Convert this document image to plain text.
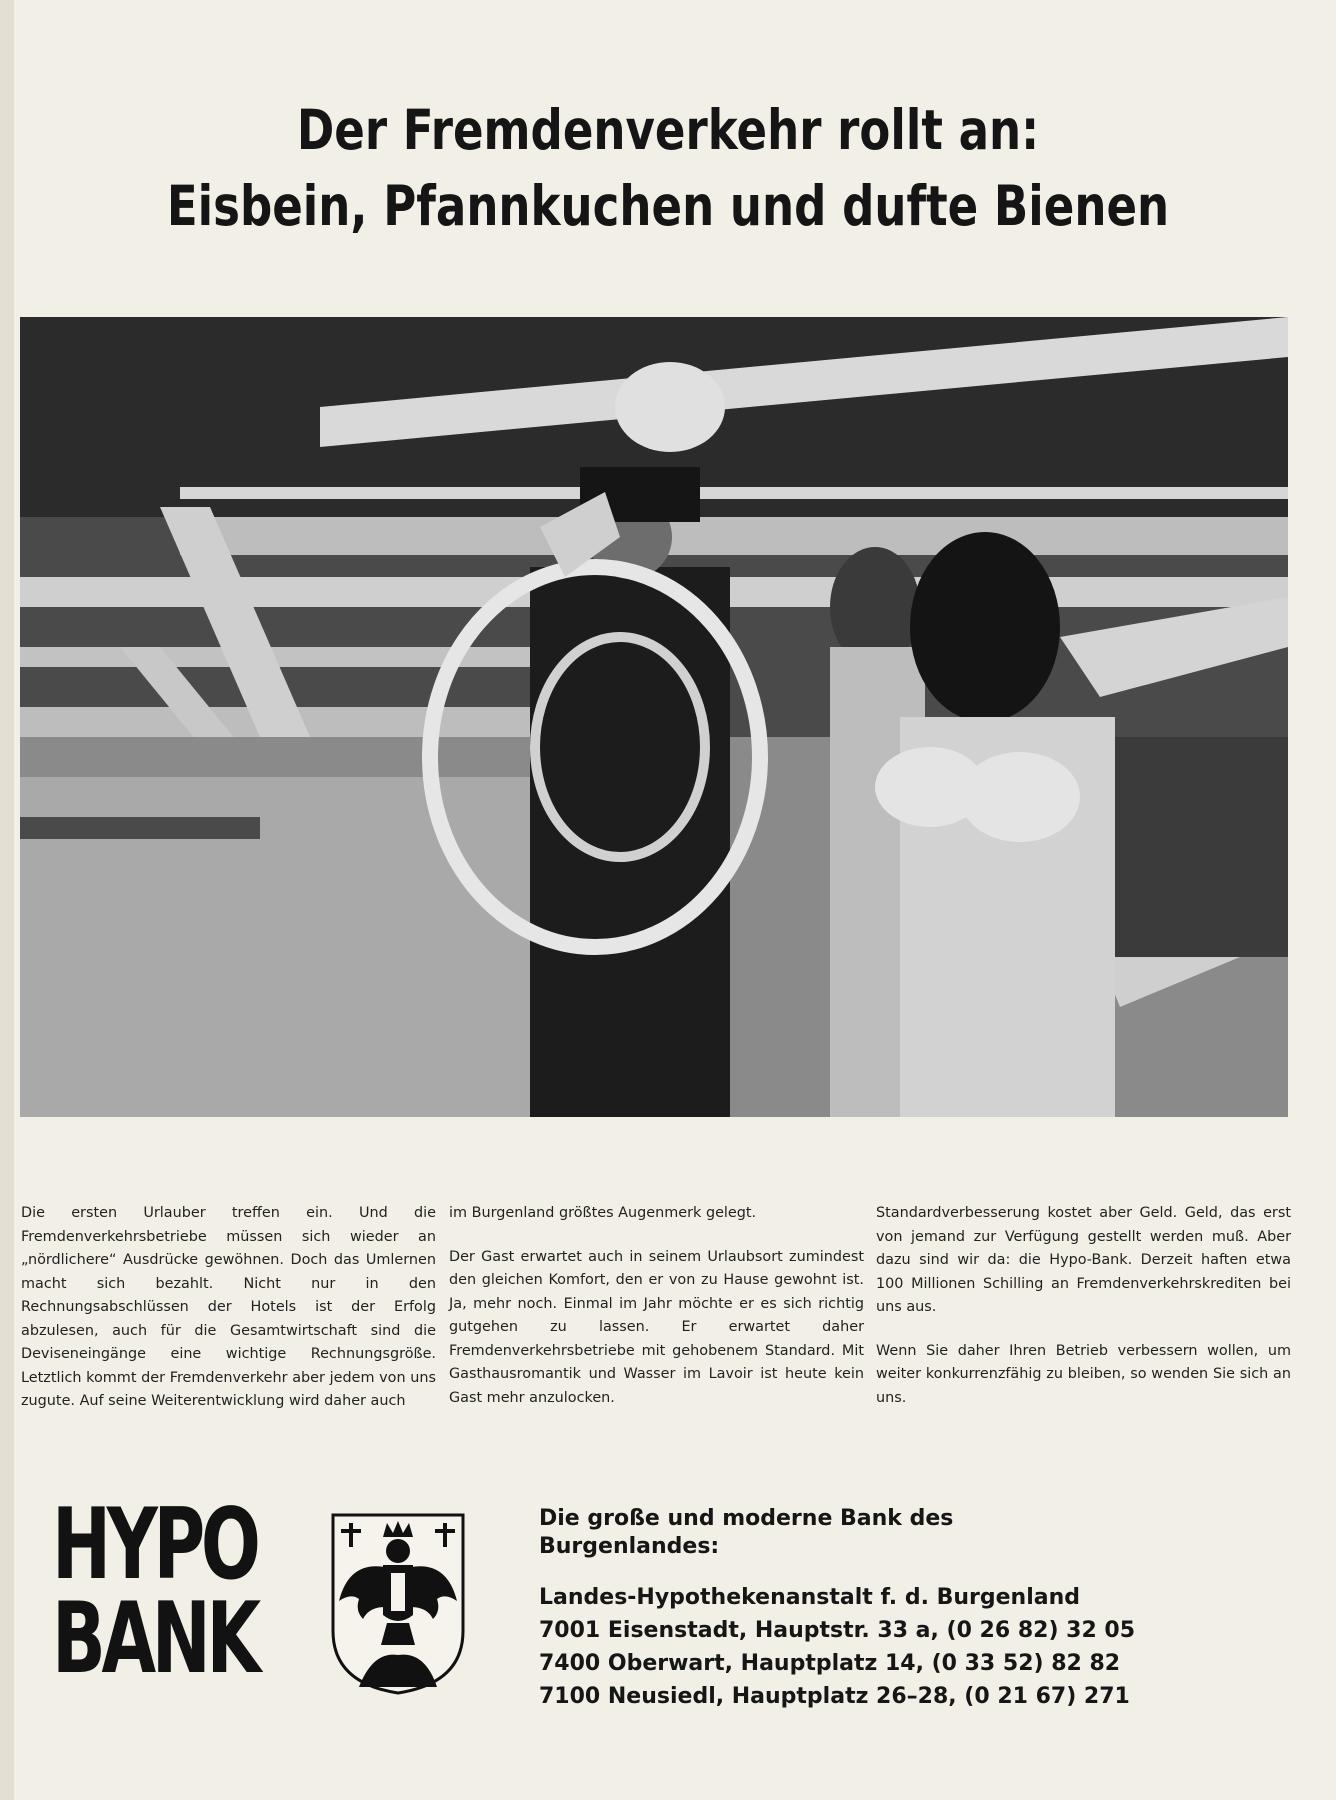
Der Fremdenverkehr rollt an:
Eisbein, Pfannkuchen und dufte Bienen

Die ersten Urlauber treffen ein. Und die Fremdenverkehrsbetriebe müssen sich wieder an „nördlichere“ Ausdrücke gewöhnen. Doch das Umlernen macht sich bezahlt. Nicht nur in den Rechnungsabschlüssen der Hotels ist der Erfolg abzulesen, auch für die Gesamtwirtschaft sind die Deviseneingänge eine wichtige Rechnungsgröße. Letztlich kommt der Fremdenverkehr aber jedem von uns zugute. Auf seine Weiterentwicklung wird daher auch

im Burgenland größtes Augenmerk gelegt.

Der Gast erwartet auch in seinem Urlaubsort zumindest den gleichen Komfort, den er von zu Hause gewohnt ist. Ja, mehr noch. Einmal im Jahr möchte er es sich richtig gutgehen zu lassen. Er erwartet daher Fremdenverkehrsbetriebe mit gehobenem Standard. Mit Gasthausromantik und Wasser im Lavoir ist heute kein Gast mehr anzulocken.

Standardverbesserung kostet aber Geld. Geld, das erst von jemand zur Verfügung gestellt werden muß. Aber dazu sind wir da: die Hypo-Bank. Derzeit haften etwa 100 Millionen Schilling an Fremdenverkehrskrediten bei uns aus.

Wenn Sie daher Ihren Betrieb verbessern wollen, um weiter konkurrenzfähig zu bleiben, so wenden Sie sich an uns.

HYPO
BANK
Die große und moderne Bank des Burgenlandes:
Landes-Hypothekenanstalt f. d. Burgenland
7001 Eisenstadt, Hauptstr. 33 a, (0 26 82) 32 05
7400 Oberwart, Hauptplatz 14, (0 33 52) 82 82
7100 Neusiedl, Hauptplatz 26–28, (0 21 67) 271
